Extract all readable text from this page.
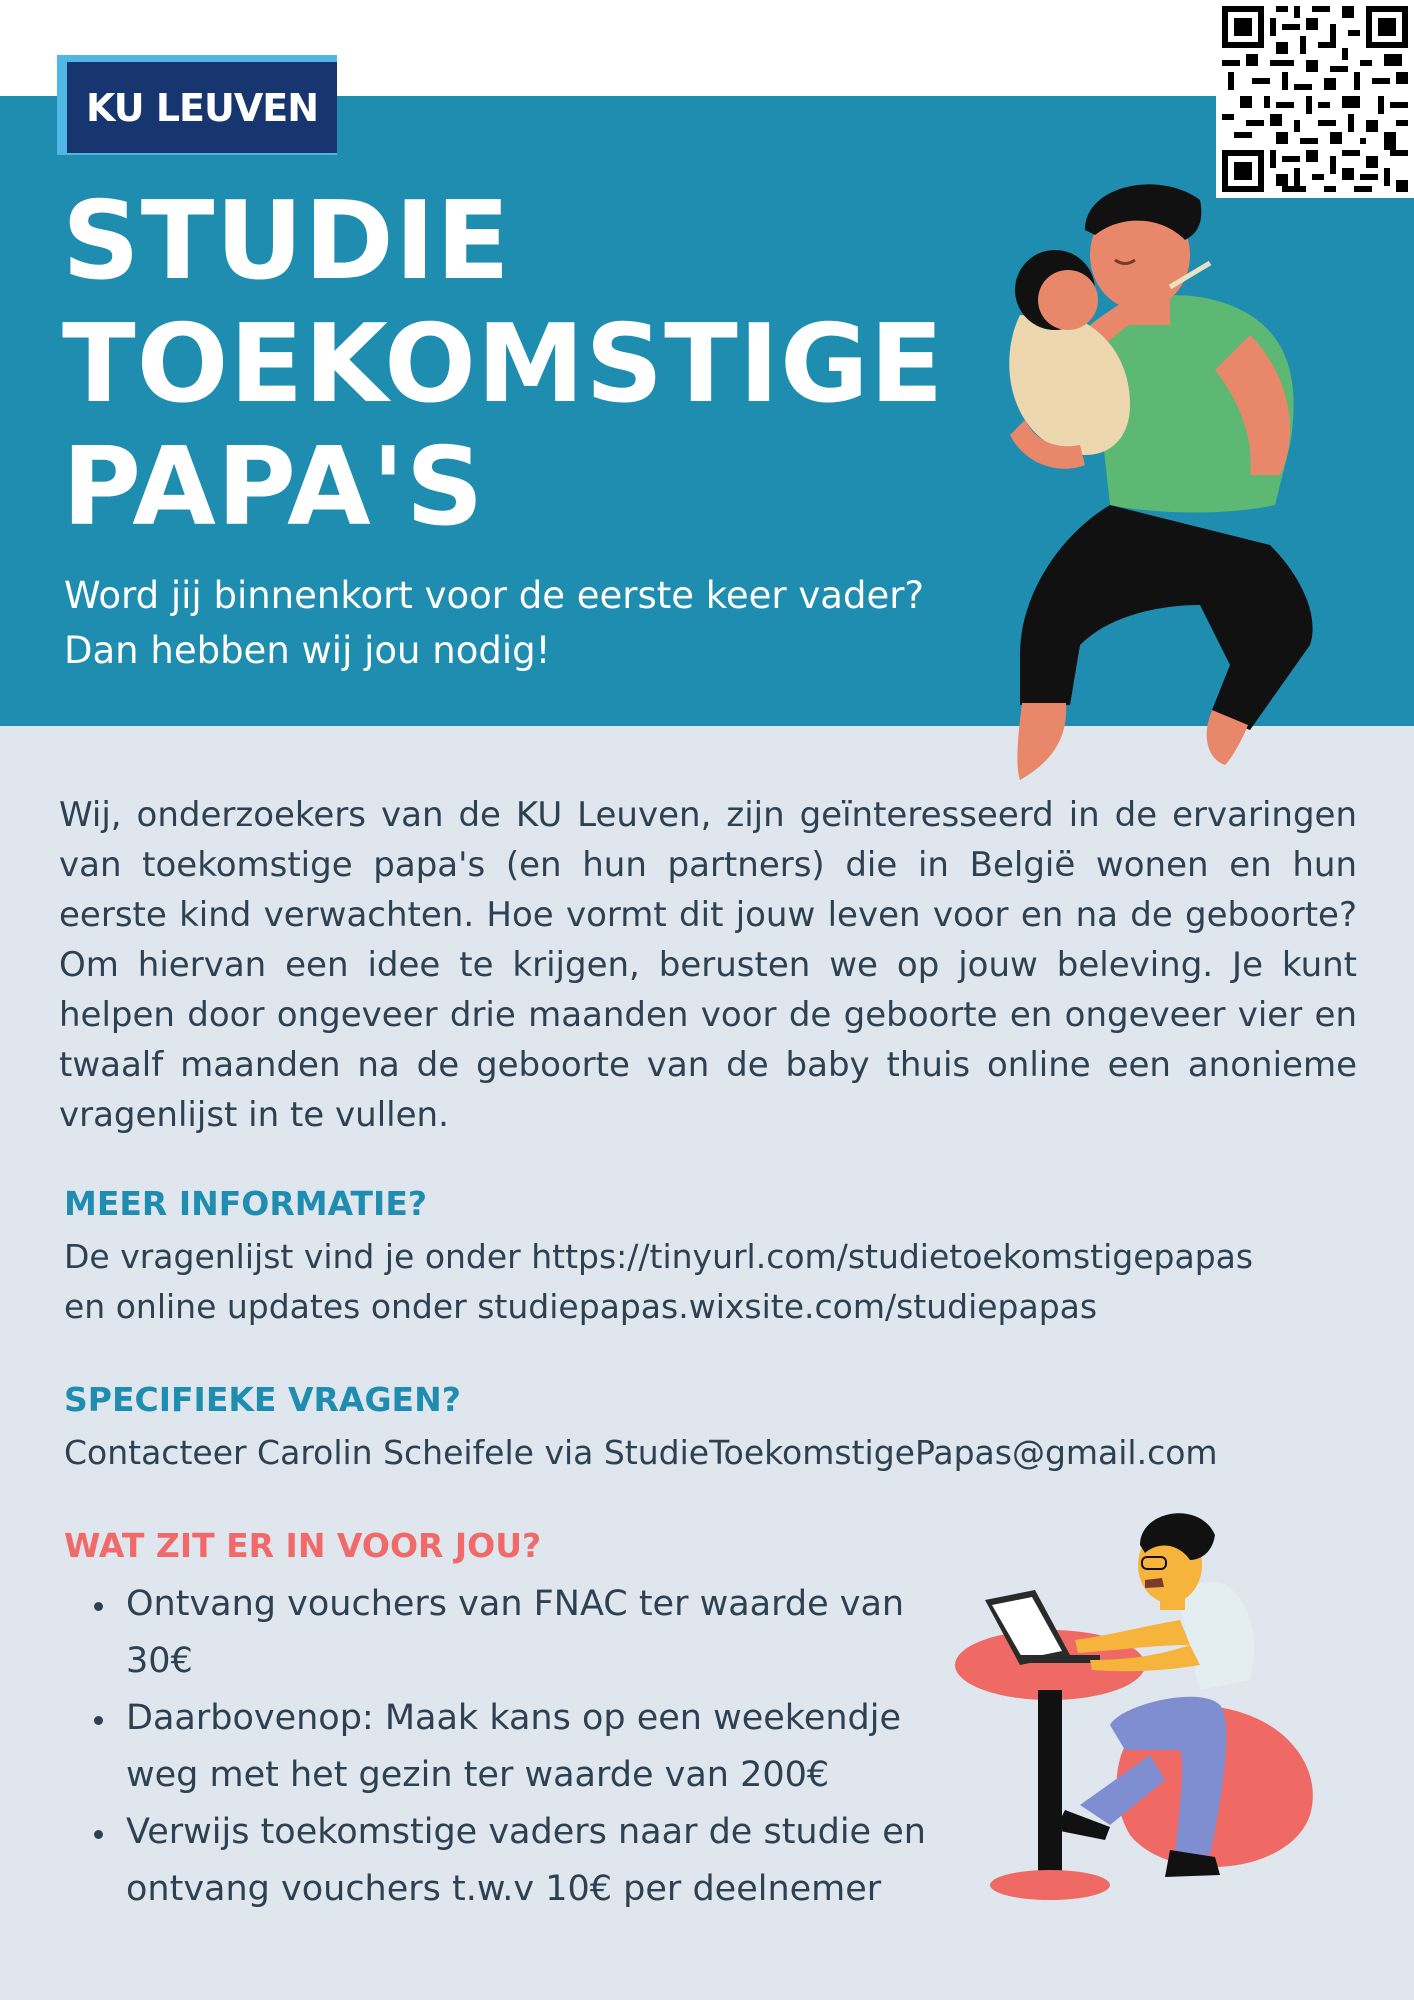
KU LEUVEN
STUDIE
TOEKOMSTIGE
PAPA'S
Word jij binnenkort voor de eerste keer vader?
Dan hebben wij jou nodig!
Wij, onderzoekers van de KU Leuven, zijn geïnteresseerd in de ervaringen van toekomstige papa's (en hun partners) die in België wonen en hun eerste kind verwachten. Hoe vormt dit jouw leven voor en na de geboorte? Om hiervan een idee te krijgen, berusten we op jouw beleving. Je kunt helpen door ongeveer drie maanden voor de geboorte en ongeveer vier en twaalf maanden na de geboorte van de baby thuis online een anonieme vragenlijst in te vullen.
MEER INFORMATIE?
De vragenlijst vind je onder https://tinyurl.com/studietoekomstigepapas
en online updates onder studiepapas.wixsite.com/studiepapas
SPECIFIEKE VRAGEN?
Contacteer Carolin Scheifele via StudieToekomstigePapas@gmail.com
WAT ZIT ER IN VOOR JOU?
Ontvang vouchers van FNAC ter waarde van
30€
Daarbovenop: Maak kans op een weekendje
weg met het gezin ter waarde van 200€
Verwijs toekomstige vaders naar de studie en
ontvang vouchers t.w.v 10€ per deelnemer
